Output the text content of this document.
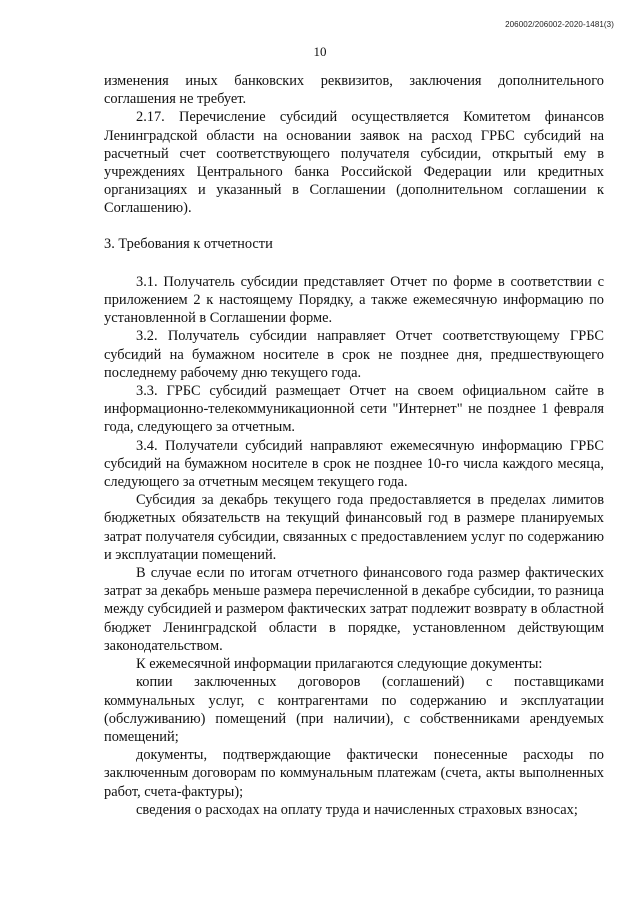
206002/206002-2020-1481(3)
10

изменения иных банковских реквизитов, заключения дополнительного соглашения не требует.

2.17. Перечисление субсидий осуществляется Комитетом финансов Ленинградской области на основании заявок на расход ГРБС субсидий на расчетный счет соответствующего получателя субсидии, открытый ему в учреждениях Центрального банка Российской Федерации или кредитных организациях и указанный в Соглашении (дополнительном соглашении к Соглашению).

3. Требования к отчетности

3.1. Получатель субсидии представляет Отчет по форме в соответствии с приложением 2 к настоящему Порядку, а также ежемесячную информацию по установленной в Соглашении форме.

3.2. Получатель субсидии направляет Отчет соответствующему ГРБС субсидий на бумажном носителе в срок не позднее дня, предшествующего последнему рабочему дню текущего года.

3.3. ГРБС субсидий размещает Отчет на своем официальном сайте в информационно-телекоммуникационной сети "Интернет" не позднее 1 февраля года, следующего за отчетным.

3.4. Получатели субсидий направляют ежемесячную информацию ГРБС субсидий на бумажном носителе в срок не позднее 10-го числа каждого месяца, следующего за отчетным месяцем текущего года.

Субсидия за декабрь текущего года предоставляется в пределах лимитов бюджетных обязательств на текущий финансовый год в размере планируемых затрат получателя субсидии, связанных с предоставлением услуг по содержанию и эксплуатации помещений.

В случае если по итогам отчетного финансового года размер фактических затрат за декабрь меньше размера перечисленной в декабре субсидии, то разница между субсидией и размером фактических затрат подлежит возврату в областной бюджет Ленинградской области в порядке, установленном действующим законодательством.

К ежемесячной информации прилагаются следующие документы:

копии заключенных договоров (соглашений) с поставщиками коммунальных услуг, с контрагентами по содержанию и эксплуатации (обслуживанию) помещений (при наличии), с собственниками арендуемых помещений;

документы, подтверждающие фактически понесенные расходы по заключенным договорам по коммунальным платежам (счета, акты выполненных работ, счета-фактуры);

сведения о расходах на оплату труда и начисленных страховых взносах;
